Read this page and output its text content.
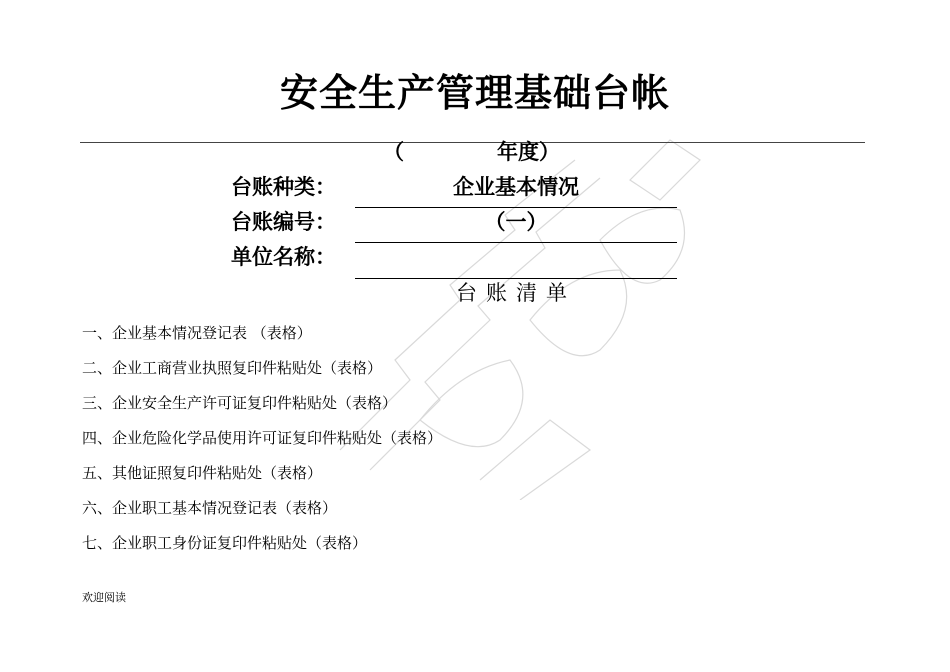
安全生产管理基础台帐
（	年度）
台账种类：	企业基本情况
台账编号：	（一）
单位名称：
台账清单
一、企业基本情况登记表 （表格）
二、企业工商营业执照复印件粘贴处（表格）
三、企业安全生产许可证复印件粘贴处（表格）
四、企业危险化学品使用许可证复印件粘贴处（表格）
五、其他证照复印件粘贴处（表格）
六、企业职工基本情况登记表（表格）
七、企业职工身份证复印件粘贴处（表格）
欢迎阅读
